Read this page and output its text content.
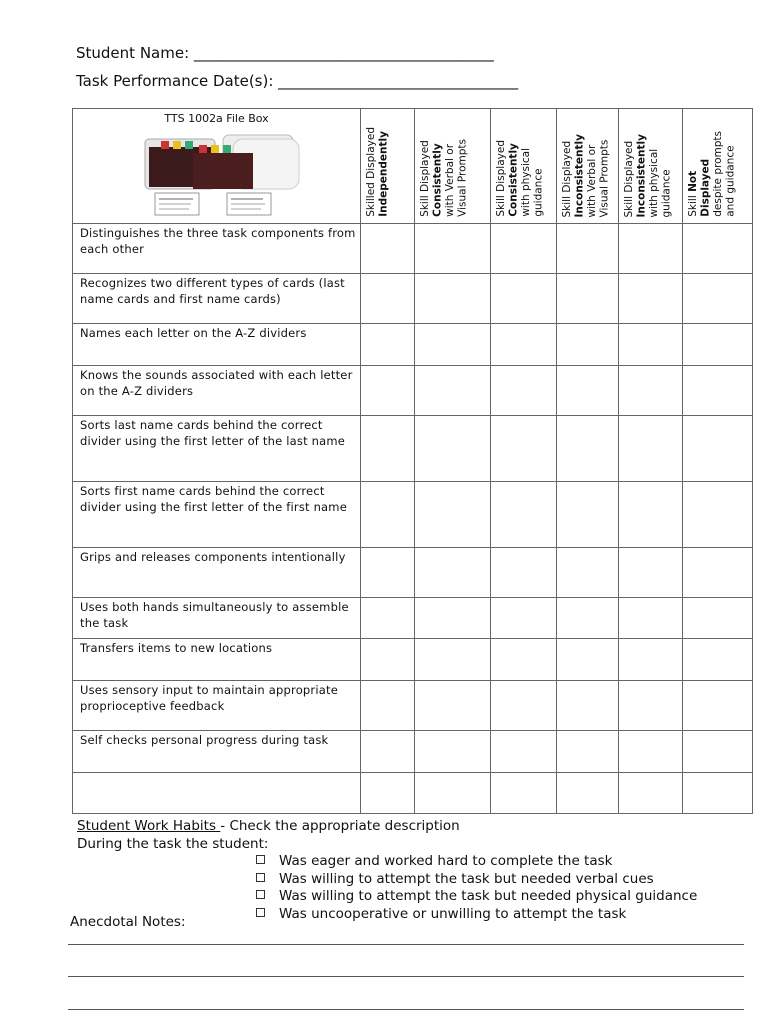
Student Name: ________________________________________
Task Performance Date(s): ________________________________
TTS 1002a File Box	Skilled Displayed
Independently	Skill Displayed
Consistently
with Verbal or
Visual Prompts	Skill Displayed
Consistently
with physical
guidance	Skill Displayed
Inconsistently
with Verbal or
Visual Prompts	Skill Displayed
Inconsistently
with physical
guidance	Skill Not
Displayed
despite prompts
and guidance

Distinguishes the three task components from each other						
Recognizes two different types of cards (last name cards and first name cards)						
Names each letter on the A-Z dividers						
Knows the sounds associated with each letter on the A-Z dividers						
Sorts last name cards behind the correct divider using the first letter of the last name						
Sorts first name cards behind the correct divider using the first letter of the first name						
Grips and releases components intentionally						
Uses both hands simultaneously to assemble the task						
Transfers items to new locations						
Uses sensory input to maintain appropriate proprioceptive feedback						
Self checks personal progress during task						

Student Work Habits - Check the appropriate description
During the task the student:
Was eager and worked hard to complete the task
Was willing to attempt the task but needed verbal cues
Was willing to attempt the task but needed physical guidance
Was uncooperative or unwilling to attempt the task
Anecdotal Notes:
